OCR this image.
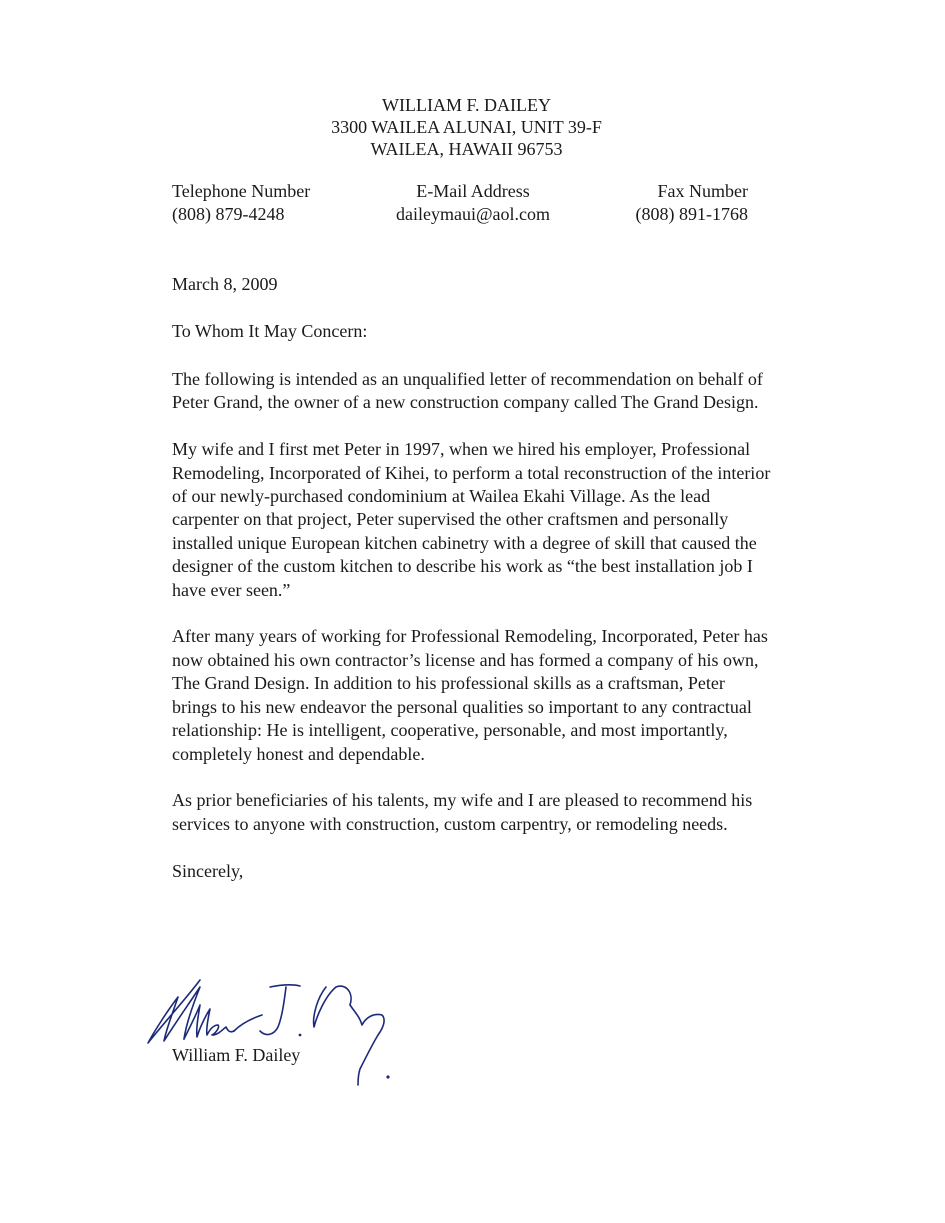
WILLIAM F. DAILEY
3300 WAILEA ALUNAI, UNIT 39-F
WAILEA, HAWAII 96753
Telephone Number
(808) 879-4248
E-Mail Address
daileymaui@aol.com
Fax Number
(808) 891-1768

March 8, 2009

To Whom It May Concern:

The following is intended as an unqualified letter of recommendation on behalf of Peter Grand, the owner of a new construction company called The Grand Design.

My wife and I first met Peter in 1997, when we hired his employer, Professional Remodeling, Incorporated of Kihei, to perform a total reconstruction of the interior of our newly-purchased condominium at Wailea Ekahi Village. As the lead carpenter on that project, Peter supervised the other craftsmen and personally installed unique European kitchen cabinetry with a degree of skill that caused the designer of the custom kitchen to describe his work as “the best installation job I have ever seen.”

After many years of working for Professional Remodeling, Incorporated, Peter has now obtained his own contractor’s license and has formed a company of his own, The Grand Design. In addition to his professional skills as a craftsman, Peter brings to his new endeavor the personal qualities so important to any contractual relationship: He is intelligent, cooperative, personable, and most importantly, completely honest and dependable.

As prior beneficiaries of his talents, my wife and I are pleased to recommend his services to anyone with construction, custom carpentry, or remodeling needs.

Sincerely,

William F. Dailey
